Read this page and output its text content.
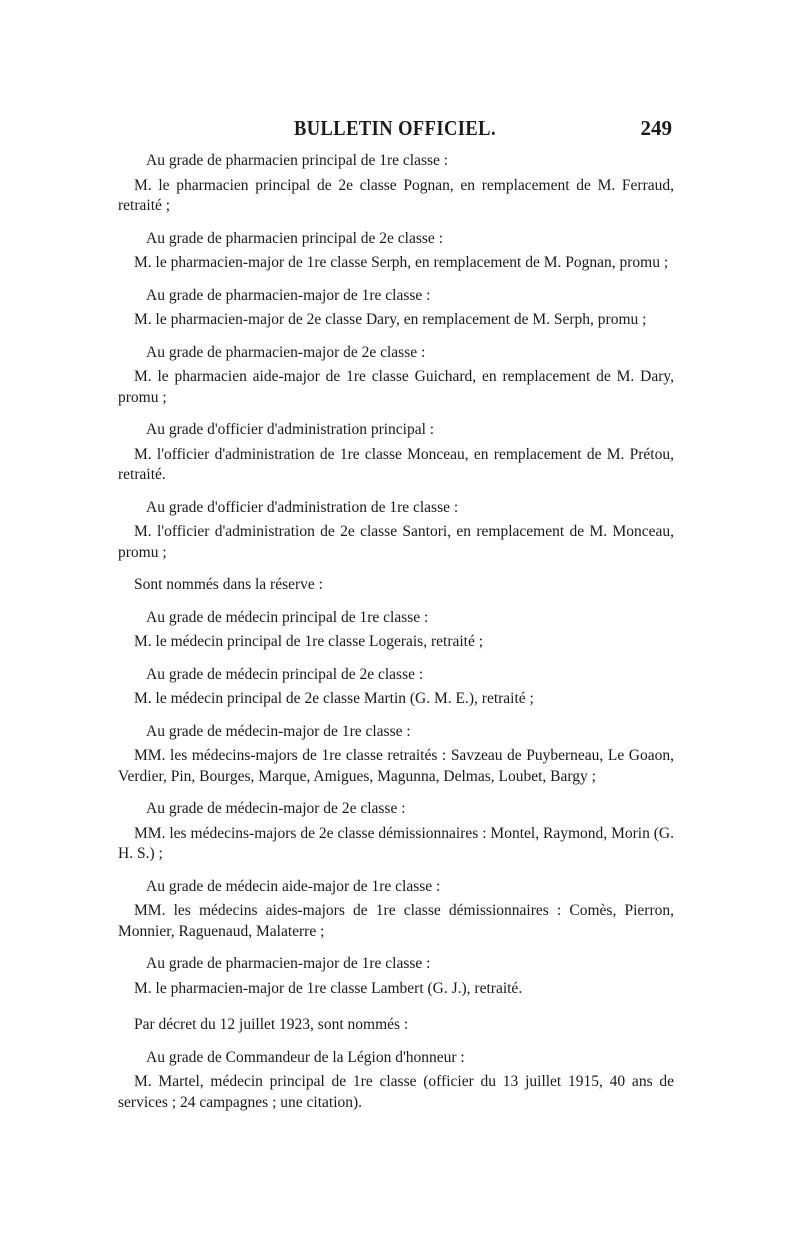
BULLETIN OFFICIEL.	249

Au grade de pharmacien principal de 1re classe :

M. le pharmacien principal de 2e classe Pognan, en remplacement de M. Ferraud, retraité ;

Au grade de pharmacien principal de 2e classe :

M. le pharmacien-major de 1re classe Serph, en remplacement de M. Pognan, promu ;

Au grade de pharmacien-major de 1re classe :

M. le pharmacien-major de 2e classe Dary, en remplacement de M. Serph, promu ;

Au grade de pharmacien-major de 2e classe :

M. le pharmacien aide-major de 1re classe Guichard, en remplacement de M. Dary, promu ;

Au grade d'officier d'administration principal :

M. l'officier d'administration de 1re classe Monceau, en remplacement de M. Prétou, retraité.

Au grade d'officier d'administration de 1re classe :

M. l'officier d'administration de 2e classe Santori, en remplacement de M. Monceau, promu ;

Sont nommés dans la réserve :

Au grade de médecin principal de 1re classe :

M. le médecin principal de 1re classe Logerais, retraité ;

Au grade de médecin principal de 2e classe :

M. le médecin principal de 2e classe Martin (G. M. E.), retraité ;

Au grade de médecin-major de 1re classe :

MM. les médecins-majors de 1re classe retraités : Savzeau de Puyberneau, Le Goaon, Verdier, Pin, Bourges, Marque, Amigues, Magunna, Delmas, Loubet, Bargy ;

Au grade de médecin-major de 2e classe :

MM. les médecins-majors de 2e classe démissionnaires : Montel, Raymond, Morin (G. H. S.) ;

Au grade de médecin aide-major de 1re classe :

MM. les médecins aides-majors de 1re classe démissionnaires : Comès, Pierron, Monnier, Raguenaud, Malaterre ;

Au grade de pharmacien-major de 1re classe :

M. le pharmacien-major de 1re classe Lambert (G. J.), retraité.

Par décret du 12 juillet 1923, sont nommés :

Au grade de Commandeur de la Légion d'honneur :

M. Martel, médecin principal de 1re classe (officier du 13 juillet 1915, 40 ans de services ; 24 campagnes ; une citation).
